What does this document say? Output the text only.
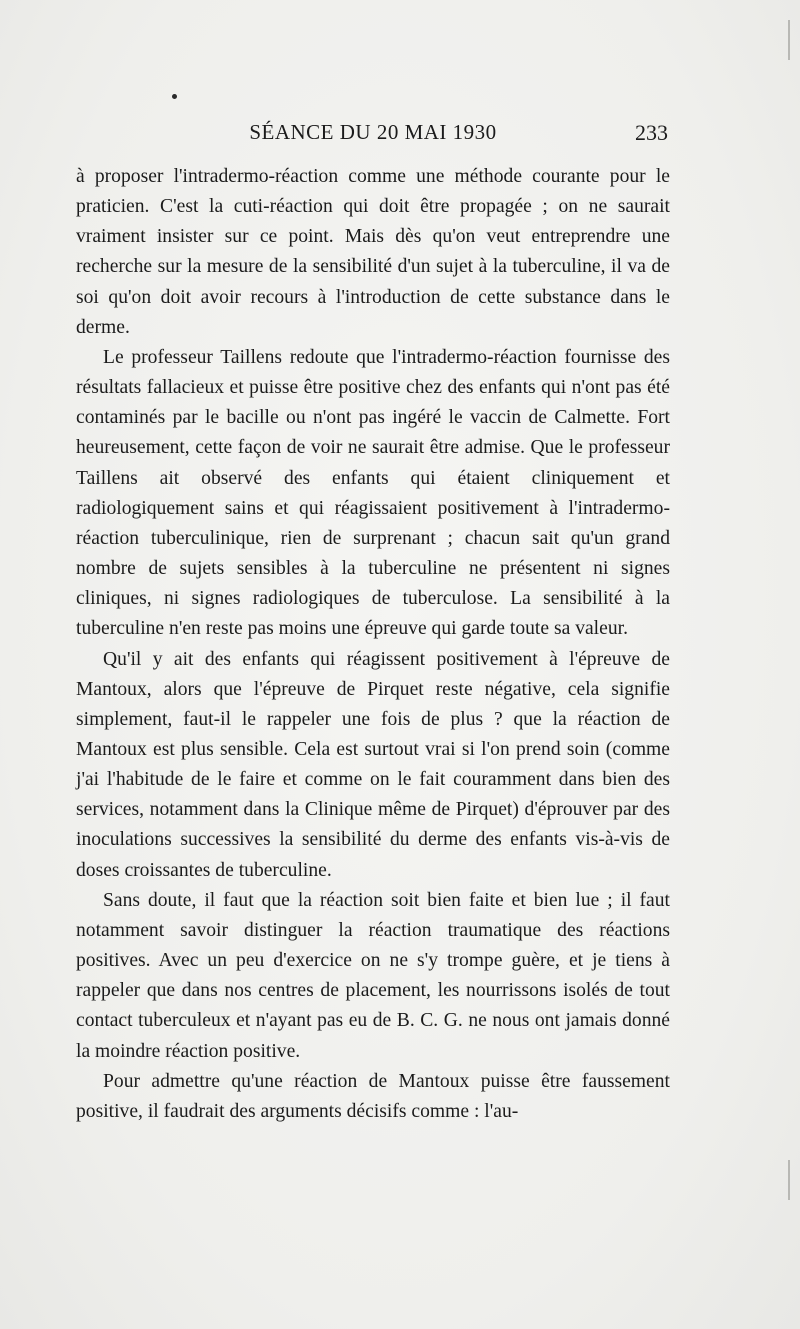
SÉANCE DU 20 MAI 1930	233

à proposer l'intradermo-réaction comme une méthode courante pour le praticien. C'est la cuti-réaction qui doit être propagée ; on ne saurait vraiment insister sur ce point. Mais dès qu'on veut entreprendre une recherche sur la mesure de la sensibilité d'un sujet à la tuberculine, il va de soi qu'on doit avoir recours à l'introduction de cette substance dans le derme.

Le professeur Taillens redoute que l'intradermo-réaction fournisse des résultats fallacieux et puisse être positive chez des enfants qui n'ont pas été contaminés par le bacille ou n'ont pas ingéré le vaccin de Calmette. Fort heureusement, cette façon de voir ne saurait être admise. Que le professeur Taillens ait observé des enfants qui étaient cliniquement et radiologiquement sains et qui réagissaient positivement à l'intradermo-réaction tuberculinique, rien de surprenant ; chacun sait qu'un grand nombre de sujets sensibles à la tuberculine ne présentent ni signes cliniques, ni signes radiologiques de tuberculose. La sensibilité à la tuberculine n'en reste pas moins une épreuve qui garde toute sa valeur.

Qu'il y ait des enfants qui réagissent positivement à l'épreuve de Mantoux, alors que l'épreuve de Pirquet reste négative, cela signifie simplement, faut-il le rappeler une fois de plus ? que la réaction de Mantoux est plus sensible. Cela est surtout vrai si l'on prend soin (comme j'ai l'habitude de le faire et comme on le fait couramment dans bien des services, notamment dans la Clinique même de Pirquet) d'éprouver par des inoculations successives la sensibilité du derme des enfants vis-à-vis de doses croissantes de tuberculine.

Sans doute, il faut que la réaction soit bien faite et bien lue ; il faut notamment savoir distinguer la réaction traumatique des réactions positives. Avec un peu d'exercice on ne s'y trompe guère, et je tiens à rappeler que dans nos centres de placement, les nourrissons isolés de tout contact tuberculeux et n'ayant pas eu de B. C. G. ne nous ont jamais donné la moindre réaction positive.

Pour admettre qu'une réaction de Mantoux puisse être faussement positive, il faudrait des arguments décisifs comme : l'au-
